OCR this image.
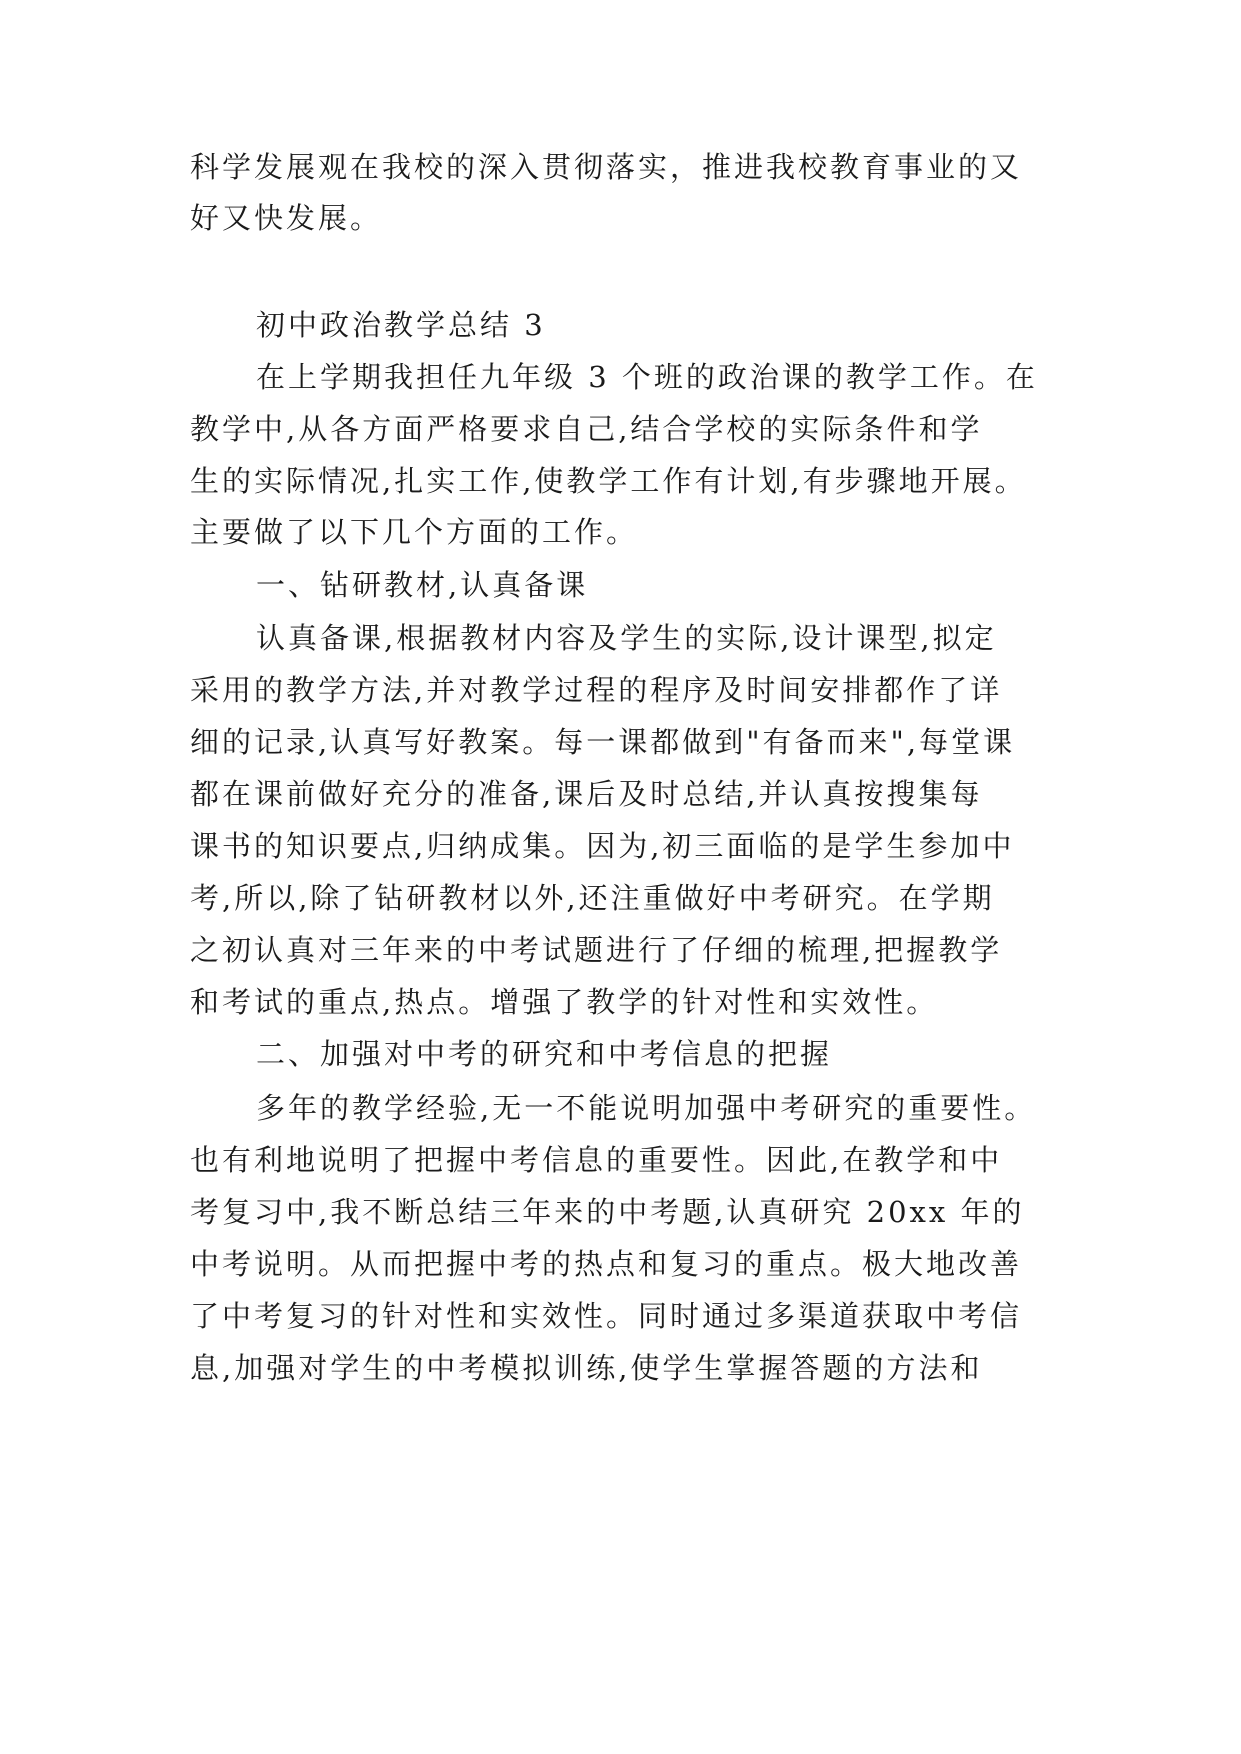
科学发展观在我校的深入贯彻落实，推进我校教育事业的又
好又快发展。
初中政治教学总结 3
在上学期我担任九年级 3 个班的政治课的教学工作。在
教学中,从各方面严格要求自己,结合学校的实际条件和学
生的实际情况,扎实工作,使教学工作有计划,有步骤地开展。
主要做了以下几个方面的工作。
一、钻研教材,认真备课
认真备课,根据教材内容及学生的实际,设计课型,拟定
采用的教学方法,并对教学过程的程序及时间安排都作了详
细的记录,认真写好教案。每一课都做到"有备而来",每堂课
都在课前做好充分的准备,课后及时总结,并认真按搜集每
课书的知识要点,归纳成集。因为,初三面临的是学生参加中
考,所以,除了钻研教材以外,还注重做好中考研究。在学期
之初认真对三年来的中考试题进行了仔细的梳理,把握教学
和考试的重点,热点。增强了教学的针对性和实效性。
二、加强对中考的研究和中考信息的把握
多年的教学经验,无一不能说明加强中考研究的重要性。
也有利地说明了把握中考信息的重要性。因此,在教学和中
考复习中,我不断总结三年来的中考题,认真研究 20xx 年的
中考说明。从而把握中考的热点和复习的重点。极大地改善
了中考复习的针对性和实效性。同时通过多渠道获取中考信
息,加强对学生的中考模拟训练,使学生掌握答题的方法和
